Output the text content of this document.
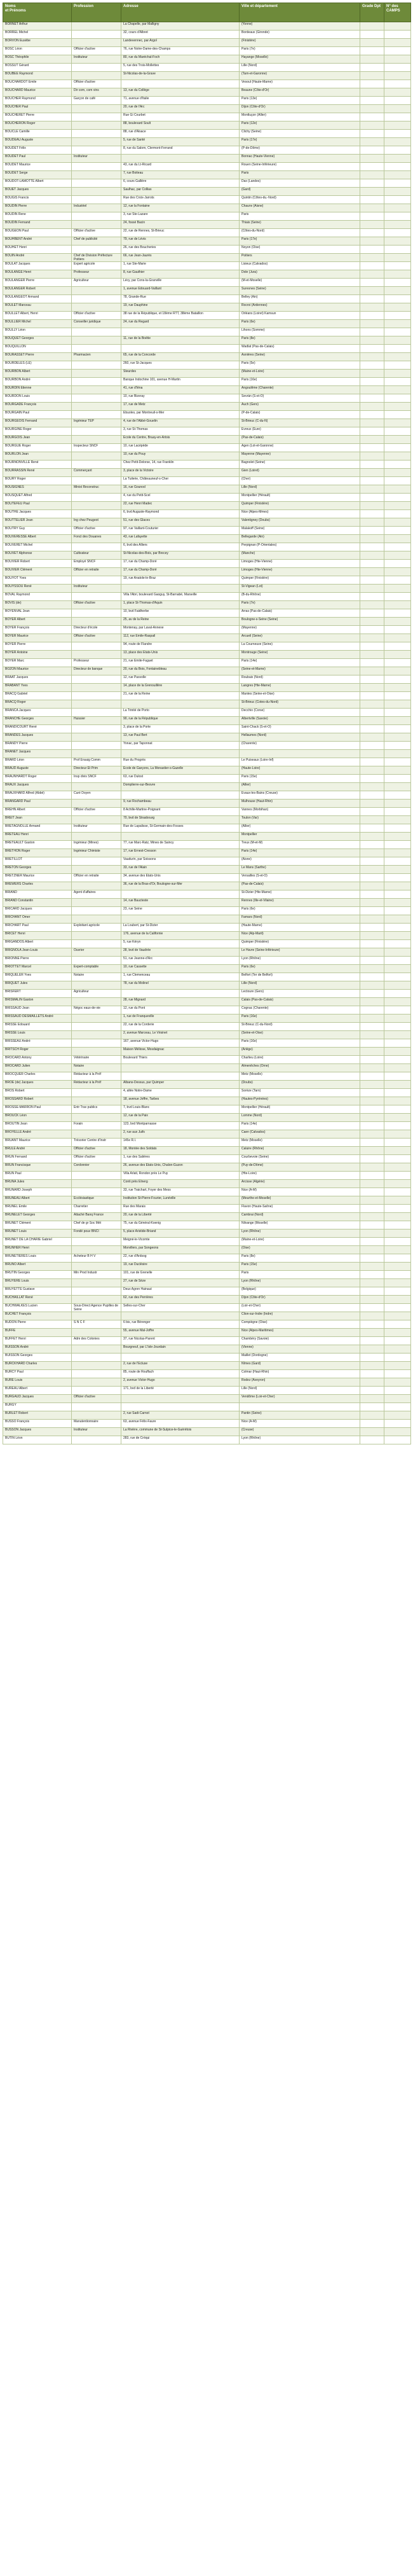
Noms
et Prénoms	Profession	Adresse	Ville et département	Grade Dpt	N° des CAMPS
BORNET Arthur		La Chapelle, par Malligny	(Yonne)		
BORREL Michel		32, cours d'Albret	Bordeaux (Gironde)		
BORVON Eusèbe		Landevennec, par Argol	(Finistère)		
BOSC Léon	Officier d'active	76, rue Notre-Dame-des-Champs	Paris (7e)		
BOSC Théophile	Instituteur	80, rue du Maréchal-Foch	Hayange (Moselle)		
BOSSUT Gérard		5, rue des Trois-Mollettes	Lille (Nord)		
BOUBEE Raymond		St-Nicolas-de-la-Grave	(Tarn-et-Garonne)		
BOUCHARDOT Émile	Officier d'active		Vesoul (Haute-Marne)		
BOUCHARD Maurice	Dir com, com vins	13, rue du Collège	Beaune (Côte-d'Or)		
BOUCHER Raymond	Garçon de café	71, avenue d'Italie	Paris (13e)		
BOUCHER Paul		20, rue de l'Arc	Dijon (Côte-d'Or)		
BOUCHERET Pierre		Rue Gi Courbet	Montluçon (Allier)		
BOUCHERON Roger		88, boulevard Soult	Paris (12e)		
BOUCLE Camille		88, rue d'Alsace	Clichy (Seine)		
BOUDEAU Auguste		5, rue de Santé	Paris (17e)		
BOUDET Félix		8, rue du Salom, Clermont-Ferrand	(P-de-Dôme)		
BOUDET Paul	Instituteur		Bonnac (Haute-Vienne)		
BOUDET Maurice		43, rue du Lt-Ricard	Rouen (Seine-Inférieure)		
BOUDET Serge		7, rue Boiteau	Paris		
BOUDOT-LAMOTTE Albert		6, cours Gallière	Dax (Landes)		
BOUET Jacques		Saulhac, par Collias	(Gard)		
BOUGIS Francis		Rue des Croix-Jarrots	Quintin (Côtes-du.-Nord)		
BOUDIN Pierre	Industriel	12, rue la Fontaine	Chaunv (Aisne)		
BOUDIN Rene		3, rue Ste-Lazare	Paris		
BOUDIN Fernand		24, fossé Bacin	Thiais (Seine)		
BOUGEON Paul	Officier d'active	22, rue de Rennes, St-Brieuc	(Côtes-du-Nord)		
BOUHBENT André	Chef de publicité	79, rue de Lévis	Paris (17e)		
BOUHET Henri		26, rue des Boucheries	Noyon (Oise)		
BOUIN André	Chef de Division Préfecture Poitiers	66, rue Jean-Jaurès	Poitiers		
BOULAT Jacques	Expert agricole	1, rue Ste-Marie	Lisieux (Calvados)		
BOULANGE Henri	Professeur	8, rue Gauthier	Dole (Jura)		
BOULANGER Pierre	Agriculteur	Lécy, par Cons-la-Granville	(M-et-Moselle)		
BOULANGER Robert		1, avenue Édouard-Vaillant	Suresnes (Seine)		
BOULANGEOT Armand		78, Grande-Rue	Belley (Ain)		
BOULET Marceau		19, rue Dauphine	Rocroi (Ardennes)		
BOULLET Albert, Henri	Officier d'active	38 rue de la République, et 18ème RTT, 38ème Bataillon	Orléans (Loiret) Kamsun		
BOULLIER Michel	Conseiller juridique	24, rue du Regard	Paris (6e)		
BOULLY Léon			Lihons (Somme)		
BOUQUET Georges		11, rue de la Boétie	Paris (8e)		
BOUQUILLON			Wadlat (Pas-de-Calais)		
BOURASSET Pierre	Pharmacien	65, rue de la Concorde	Asnières (Seine)		
BOURDELES (LE)		260, rue St-Jacques	Paris (5e)		
BOURBON Albert		Steurdes	(Maine-et-Loire)		
BOURBON André		Banque Indochine 101, avenue H-Martin	Paris (16e)		
BOURDIN Étienne		41, rue d'Iéna	Angoulême (Charente)		
BOURDON Louis		10, rue Bizeray	Sevrán (S-et-O)		
BOURGADE François		17, rue de Metz	Auch (Gers)		
BOURGAIN Paul		Ebuoles, par Montreuil-s-Mer	(P-de-Calais)		
BOURGEOIS Fernand	Ingénieur TEP	4, rue de l'Abbé-Gouelin	St-Brieuc (C-du-N)		
BOURGINE Roger		3, rue St-Thomas	Évreux (Eure)		
BOURGOIS Jean		École du Centre, Bruay-en-Artois	(Pas-de-Calais)		
BOURGUE Roger	Inspecteur SNCF	10, rue Lacépède	Agen (Lot-et-Garonne)		
BOURLON Jean		10, rue du Pouy	Mayenne (Mayenne)		
BOURNONVILLE René		Chez Petit-Delorse, 14, rue Franklin	Bagnolet (Seine)		
BOURRASSIN René	Commerçant	3, place de la Victoire	Gien (Loiret)		
BOURY Roger		La Tuilerie, Châteauneuf-s-Cher	(Cher)		
BOUSIGNES	Minist Reconstruc	16, rue Gounod	Lille (Nord)		
BOUSQUET Alfred		4, rue du Petit-Scel	Montpellier (Hérault)		
BOUTEFEU Paul		22, rue Henri Madec	Quimper (Finistère)		
BOUTHE Jacques		6, bvd Auguste-Raymond	Nice (Alpes-Mmes)		
BOUTTELIER Jean	Ing chez Peugeot	51, rue des Glaces	Valentigney (Doubs)		
BOUTRY Guy	Officier d'active	97, rue Vaillant-Couturier	Malakoff (Seine)		
BOUVERESSE Albert	Fonct des Douanes	43, rue Lafayette	Bellegarde (Ain)		
BOUVERET Michel		6, bvd des Alliers	Perpignan (P-Orientales)		
BOUVET Alphonse	Cultivateur	St-Nicolas-des-Bois, par Brecey	(Manche)		
BOUVIER Robert	Employé SNCF	17, rue du Champ-Doré	Limoges (Hte-Vienne)		
BOUVIER Clément	Officier en retraite	17, rue du Champ-Doré	Limoges (Hte-Vienne)		
BOUYOT Yves		19, rue Anatole-le-Braz	Quimper (Finistère)		
BOUYSSOU René	Instituteur		St-Vigean (Lot)		
BOVAL Raymond		Villa l'Abri, boulevard Gaoguy, St-Barnabé, Marseille	(B-du-Rhône)		
BOVIS (de)	Officier d'active	1, place St-Thomas-d'Aquin	Paris (7e)		
BOYENVAL Jean		10, bvd Faidherbe	Arras (Pas-de-Calais)		
BOYER Albert		25, av de la Reine	Boulogne-s-Seine (Seine)		
BOYER François	Directeur d'école	Montenay, par Laval-Annexe	(Mayenne)		
BOYER Maurice	Officier d'active	112, rue Emile-Raspail	Arcueil (Seine)		
BOYER Pierre		94, route de Flandre	La Courneuve (Seine)		
BOYER Antoine		13, place des États-Unis	Montrouge (Seine)		
BOYER Marc	Professeur	21, rue Emile-Faguet	Paris (14e)		
BOZON Maurice	Directeur de banque	20, rue du Bois, Fontainebleau	(Seine-et-Marne)		
BRAAT Jacques		12, rue Pasvolle	Roubaix (Nord)		
BRABANT Yves		14, place de la Grenouillère	Langres (Hte-Marne)		
BRACQ Gabriel		21, rue de la Reine	Mantes (Seine-et-Oise)		
BRACQ Roger			St-Brieuc (Cotes-du-Nord)		
BRANCA Jacques		La Trinité de Porto	Decchio (Corse)		
BRANCHE Georges	Huissier	90, rue de la République	Albertville (Savoie)		
BRANDICOURT René		3, place de la Porte	Saint-Chack (S-et-O)		
BRANDES Jacques		13, rue Paul Bert	Hellaumes (Nord)		
BRANDY Pierre		Yonac, par Taponnat	(Charente)		
BRANET Jacques					
BRARD Léon	Prof Ensaig Comm	Rue du Progrès	Le Puiseaux (Loire-Inf)		
BRAUD Auguste	Directeur Et Prim	École de Garçons, La Monastier-s-Gazelle	(Haute-Loire)		
BRAUNHARDT Roger	Insp divis SNCF	63, rue Dulost	Paris (15e)		
BRAUX Jacques		Domplierre-sur-Besvre	(Allier)		
BRAUXHARD Alfred (Abbé)	Curé Doyen		Évaux-les-Bains (Creuse)		
BRANGARD Paul		9, rue Rochambeau	Mulhouse (Haut-Rhin)		
BREHN Albert	Officier d'active	8 Achille-Martine-Poignant	Vannes (Morbihan)		
BREIT Jean		70, bvd de Strasbourg	Toulon (Var)		
BRETAGNOLLE Armand	Instituteur	Rue de Lapalisse, St-Germain-des-Fosses	(Allier)		
BRETEAU Henri			Montpellier		
BRETEAULT Gaston	Ingénieur (Mines)	77, rue Marc-Ratz, Mines de Saincy	Treux (M-et-M)		
BRETHON Roger	Ingénieur Chimiste	17, rue Ernest-Cresson	Paris (14e)		
BRETILLOT		Vaudurin, par Soissons	(Aisne)		
BRETON Georges		33, rue de l'Alain	Le Mans (Sarthe)		
BRETZNER Maurice	Officier en retraite	34, avenue des États-Unis	Versailles (S-et-O)		
BREWERS Charles		36, rue de la Bras-d'Or, Boulogne-sur-Mer	(Pas-de-Calais)		
BRIAND	Agent d'affaires		St-Dizier (Hte-Marne)		
BRIAND Constantin		14, rue Baucteste	Rennes (Ille-et-Vilaine)		
BRICARD Jacques		23, rue Seine	Paris (6e)		
BRICHANT Omer			Famars (Nord)		
BRICHART Paul	Exploitant agricole	La Loubert, par St-Dizier	(Haute-Marne)		
BRICET Henri		176, avenue de la Californie	Nice (Alp-Marit)		
BRIGANDOS Albert		5, rue Kéryn	Quimper (Finistère)		
BRIGNOLA Jean-Louis	Ouvrier	28, bvd de Vaudrée	Le Havre (Seine-Inférieure)		
BRIONNE Pierre		51, rue Jeanne-d'Arc	Lyon (Rhône)		
BRIOTTET Marcel	Expert-comptable	10, rue Cassette	Paris (6e)		
BRIQUELER Yves	Notaire	1, rue Clemenceau	Belfort (Ter de Belfort)		
BRIQUET Jules		78, rue du Molinel	Lille (Nord)		
BRISFERT	Agriculteur		Lectoure (Gers)		
BRISMALIN Gaston		28, rue Mignard	Calais (Pas-de-Calais)		
BRISSAUD Jean	Négoc eaux-de-vie	12, rue du Pont	Cognac (Charente)		
BRISSAUD DESMAILLETS André		1, rue de Franqueville	Paris (16e)		
BRISSE Édouard		22, rue de la Corderie	St-Brieuc (C-du-Nord)		
BRISSE Louis		2, avenue Marceau, Le Vésinet	(Seine-et-Oise)		
BRISSEAU André		167, avenue Victor-Hugo	Paris (16e)		
BRITSCH Roger		Maison Méliose, Mosdaignac	(Ariège)		
BROCARD Antony	Vétérinaire	Boulevard Thiers	Charlieu (Loire)		
BROCARD Julien	Notaire		Almenêches (Orne)		
BROCQUER Charles	Rédacteur à la Préf		Metz (Moselle)		
BROE (de) Jacques	Rédacteur à la Préf	Albans-Dessus, par Quimper	(Doubs)		
BROS Robert		4, allée Notre-Dame	Sorèze (Tarn)		
BROSSARD Robert		18, avenue Joffre, Tarbes	(Hautes-Pyrénées)		
BROSSE-MARRON Paul	Entr Trav publics	7, bvd Louis-Blanc	Montpellier (Hérault)		
BROUCK Léon		12, rue de la Paix	Lomme (Nord)		
BROUTIN Jean	Forain	123, bvd Montparnasse	Paris (14e)		
BROYELLE André		2, rue aux Juifs	Caen (Calvados)		
BRUANT Maurice	Trésorier Centre d'Instr	145e R.I.	Metz (Moselle)		
BRULÉ André	Officier d'active	18, Montée des Soldats	Caluire (Rhône)		
BRUN Fernand	Officier d'active	1, rue des Saliéres	Courbevoie (Seine)		
BRUN Francisque	Cordonnier	26, avenue des États-Unis, Chalon-Guzon	(Puy-de-Dôme)		
BRUN Paul		Villa Arlati, Rondon près Le Puy	(Hte-Loire)		
BRUNA Jules		Conti près Elnerg	Arcisse (Algérie)		
BRUNARD Joseph		33, rue Traichart, Foyer des Mess	Nice (A-M)		
BRUNEAU Albert	Ecclésiastique	Institution St-Pierre-Fourier, Lunéville	(Meurthe-et-Moselle)		
BRUNEL Émile	Charretier	Rue des Marais	Flavon (Haute-Saône)		
BRUNELET Georges	Attaché Banq France	20, rue de la Liberté	Cambrai (Nord)		
BRUNET Clément	Chef de gr Soc Mét	75, rue du Général-Koenig	Nilvange (Moselle)		
BRUNET Louis	Fondé pouv BNCI	5, place Aristide-Briand	Lyon (Rhône)		
BRUNET DE LA CHARIE Gabriel		Meigné-le-Vicomte	(Maine-et-Loire)		
BRUNHER Henri		Morvillers, par Songeons	(Oise)		
BRUNETIÈRES Louis	Acheteur B H V	22, rue d'Ardsog	Paris (8e)		
BRUNO Albert		19, rue Duclésire	Paris (15e)		
BRUTIN Georges	Min Prod Industr	101, rue de Grenelle	Paris		
BRUYERE Louis		27, rue de Sèze	Lyon (Rhône)		
BRUYETTE Gustave		Deux Agren Hainaut	(Belgique)		
BUCHAILLAT René		62, rue des Perrières	Dijon (Côte-d'Or)		
BUCHWALKES Lucien	Sous-Direct Agence Pupilles de Seine	Selles-sur-Cher	(Loir-et-Cher)		
BUCHET François			Clion-sur-Indre (Indre)		
BUDON Pierre	S N C F	6 bis, rue Bérenger	Compiègne (Oise)		
BUFFE		55, avenue Mal-Joffre	Nice (Alpes-Maritimes)		
BUFFET Henri	Adm des Colonies	37, rue Nicolas-Parent	Chambéry (Savoie)		
BUISSON André		Bourgneuf, par L'Isle-Jourdain	(Vienne)		
BUISSON Georges			Maillet (Dordogne)		
BURCKHARD Charles		2, rue de l'Écluse	Nîmes (Gard)		
BURCY Paul		85, route de Rouffach	Colmar (Haut-Rhin)		
BURE Louis		2, avenue Victor-Hugo	Rodez (Aveyron)		
BUREAU Albert		171, bvd de la Liberté	Lille (Nord)		
BURGAUD Jacques	Officier d'active		Vendôme (Loir-et-Cher)		
BURGY					
BURLET Robert		2, rue Sadi-Carnot	Pantin (Seine)		
BUSSO François	Manutentionnaire	63, avenue Félix-Faure	Nice (A-M)		
BUSSON Jacques	Instituteur	La Rivière, commune de St-Sulpice-le-Guérétois	(Creuse)		
BUTIN Léon		283, rue de Créqui	Lyon (Rhône)		
